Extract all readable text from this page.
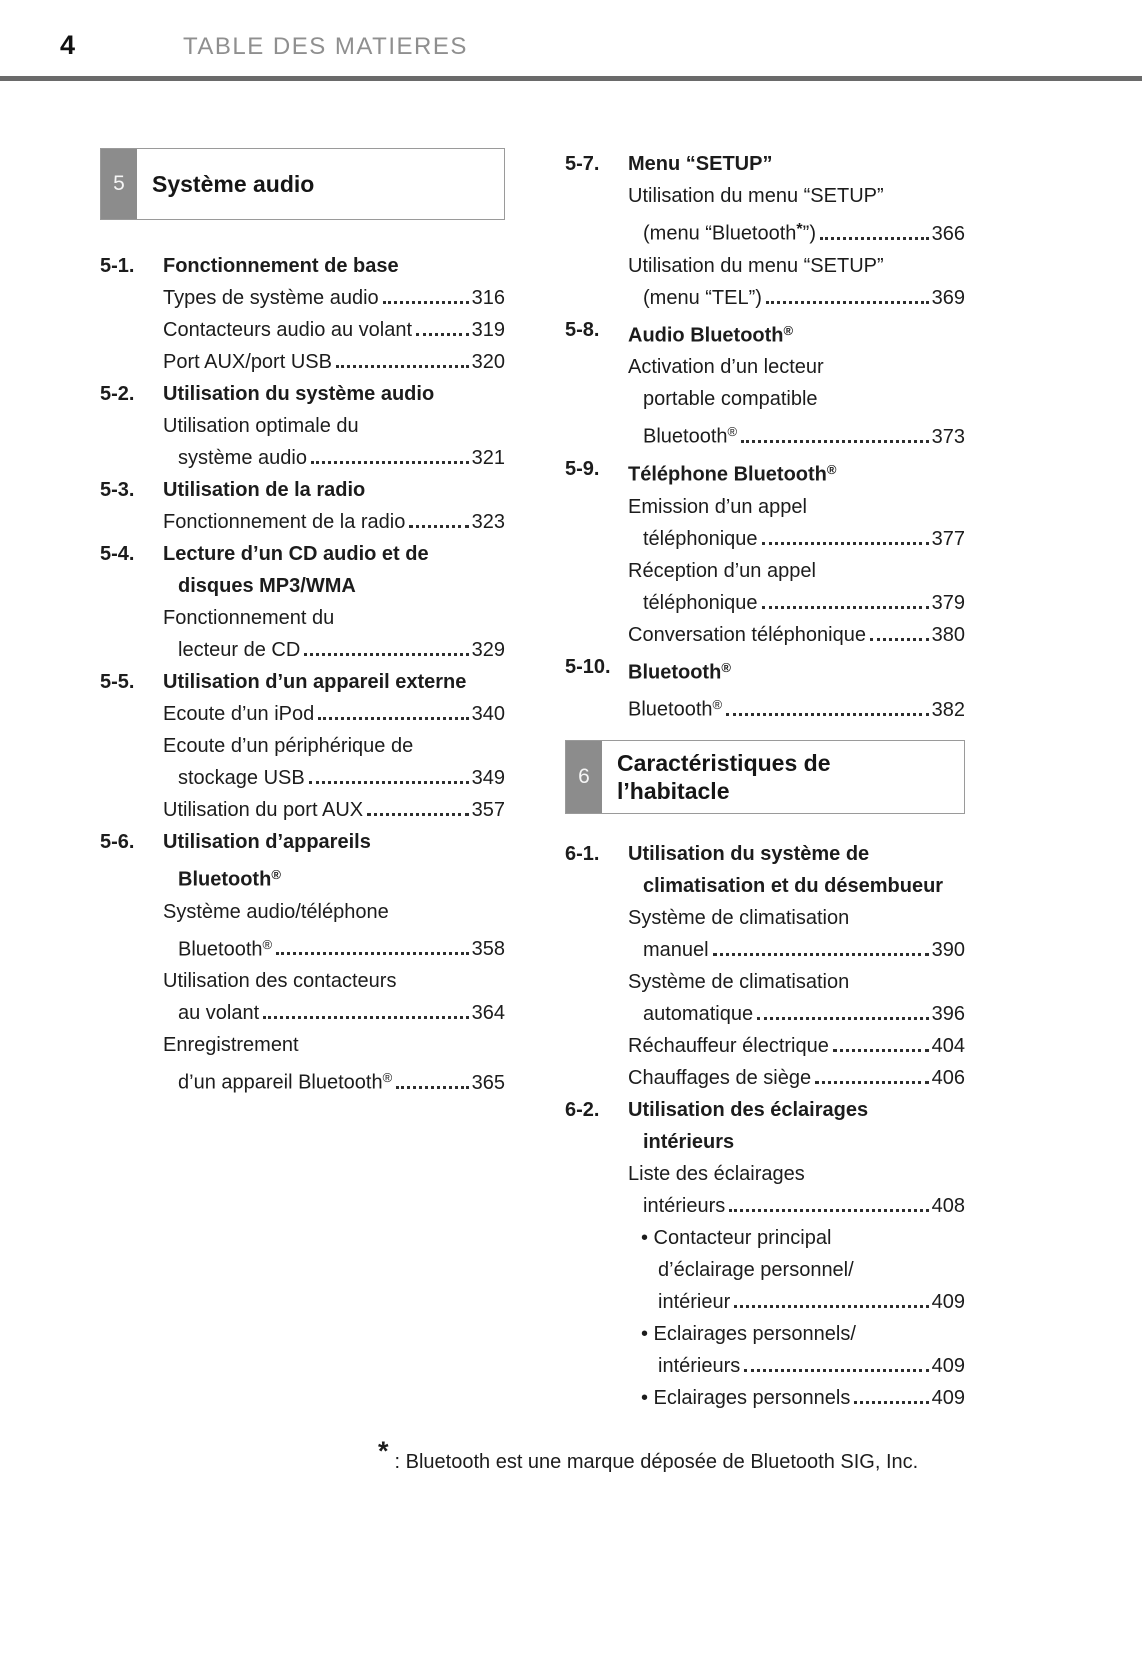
4	TABLE DES MATIERES
5	Système audio
5-1.	Fonctionnement de base
Types de système audio	316
Contacteurs audio au volant	319
Port AUX/port USB	320
5-2.	Utilisation du système audio
Utilisation optimale du
système audio	321
5-3.	Utilisation de la radio
Fonctionnement de la radio	323
5-4.	Lecture d’un CD audio et de
disques MP3/WMA
Fonctionnement du
lecteur de CD	329
5-5.	Utilisation d’un appareil externe
Ecoute d’un iPod	340
Ecoute d’un périphérique de
stockage USB	349
Utilisation du port AUX	357
5-6.	Utilisation d’appareils
Bluetooth®
Système audio/téléphone
Bluetooth®	358
Utilisation des contacteurs
au volant	364
Enregistrement
d’un appareil Bluetooth®	365
5-7.	Menu “SETUP”
Utilisation du menu “SETUP”
(menu “Bluetooth*”)	366
Utilisation du menu “SETUP”
(menu “TEL”)	369
5-8.	Audio Bluetooth®
Activation d’un lecteur
portable compatible
Bluetooth®	373
5-9.	Téléphone Bluetooth®
Emission d’un appel
téléphonique	377
Réception d’un appel
téléphonique	379
Conversation téléphonique	380
5-10. Bluetooth®
Bluetooth®	382
6
Caractéristiques de
l’habitacle
6-1.	Utilisation du système de
climatisation et du désembueur
Système de climatisation
manuel	390
Système de climatisation
automatique	396
Réchauffeur électrique	404
Chauffages de siège	406
6-2.	Utilisation des éclairages
intérieurs
Liste des éclairages
intérieurs	408
• Contacteur principal
d’éclairage personnel/
intérieur	409
• Eclairages personnels/
intérieurs	409
• Eclairages personnels	409
* : Bluetooth est une marque déposée de Bluetooth SIG, Inc.
